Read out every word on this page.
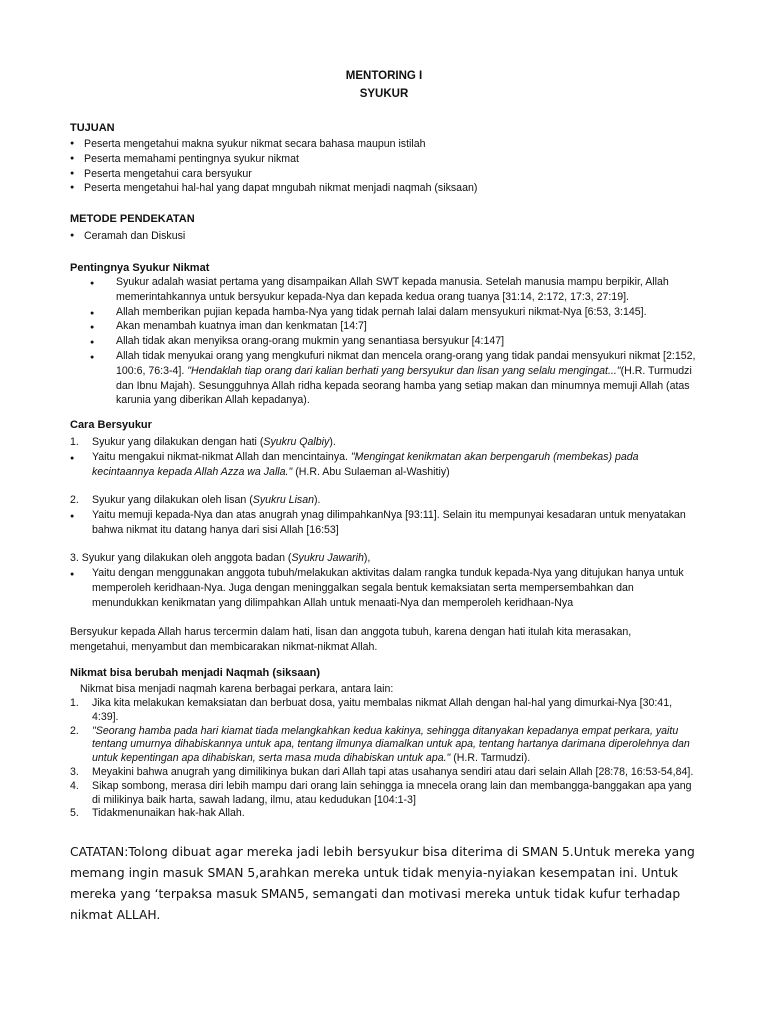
MENTORING I
SYUKUR
TUJUAN
● Peserta mengetahui makna syukur nikmat secara bahasa maupun istilah
● Peserta memahami pentingnya syukur nikmat
● Peserta mengetahui cara bersyukur
● Peserta mengetahui hal-hal yang dapat mngubah nikmat menjadi naqmah (siksaan)
METODE PENDEKATAN
● Ceramah dan Diskusi
Pentingnya Syukur Nikmat
● Syukur adalah wasiat pertama yang disampaikan Allah SWT kepada manusia. Setelah manusia mampu berpikir, Allah memerintahkannya untuk bersyukur kepada-Nya dan kepada kedua orang tuanya [31:14, 2:172, 17:3, 27:19].
● Allah memberikan pujian kepada hamba-Nya yang tidak pernah lalai dalam mensyukuri nikmat-Nya [6:53, 3:145].
● Akan menambah kuatnya iman dan kenkmatan [14:7]
● Allah tidak akan menyiksa orang-orang mukmin yang senantiasa bersyukur [4:147]
● Allah tidak menyukai orang yang mengkufuri nikmat dan mencela orang-orang yang tidak pandai mensyukuri nikmat [2:152, 100:6, 76:3-4]. "Hendaklah tiap orang dari kalian berhati yang bersyukur dan lisan yang selalu mengingat..."(H.R. Turmudzi dan Ibnu Majah). Sesungguhnya Allah ridha kepada seorang hamba yang setiap makan dan minumnya memuji Allah (atas karunia yang diberikan Allah kepadanya).
Cara Bersyukur
1.	Syukur yang dilakukan dengan hati (Syukru Qalbiy).
●	Yaitu mengakui nikmat-nikmat Allah dan mencintainya. "Mengingat kenikmatan akan berpengaruh (membekas) pada kecintaannya kepada Allah Azza wa Jalla." (H.R. Abu Sulaeman al-Washitiy)
2.	Syukur yang dilakukan oleh lisan (Syukru Lisan).
●	Yaitu memuji kepada-Nya dan atas anugrah ynag dilimpahkanNya [93:11]. Selain itu mempunyai kesadaran untuk menyatakan bahwa nikmat itu datang hanya dari sisi Allah [16:53]
3. Syukur yang dilakukan oleh anggota badan (Syukru Jawarih),
●	Yaitu dengan menggunakan anggota tubuh/melakukan aktivitas dalam rangka tunduk kepada-Nya yang ditujukan hanya untuk memperoleh keridhaan-Nya. Juga dengan meninggalkan segala bentuk kemaksiatan serta mempersembahkan dan menundukkan kenikmatan yang dilimpahkan Allah untuk menaati-Nya dan memperoleh keridhaan-Nya
Bersyukur kepada Allah harus tercermin dalam hati, lisan dan anggota tubuh, karena dengan hati itulah kita merasakan, mengetahui, menyambut dan membicarakan nikmat-nikmat Allah.
Nikmat bisa berubah menjadi Naqmah (siksaan)
Nikmat bisa menjadi naqmah karena berbagai perkara, antara lain:
1. Jika kita melakukan kemaksiatan dan berbuat dosa, yaitu membalas nikmat Allah dengan hal-hal yang dimurkai-Nya [30:41, 4:39].
2. "Seorang hamba pada hari kiamat tiada melangkahkan kedua kakinya, sehingga ditanyakan kepadanya empat perkara, yaitu tentang umurnya dihabiskannya untuk apa, tentang ilmunya diamalkan untuk apa, tentang hartanya darimana diperolehnya dan untuk kepentingan apa dihabiskan, serta masa muda dihabiskan untuk apa." (H.R. Tarmudzi).
3. Meyakini bahwa anugrah yang dimilikinya bukan dari Allah tapi atas usahanya sendiri atau dari selain Allah [28:78, 16:53-54,84].
4. Sikap sombong, merasa diri lebih mampu dari orang lain sehingga ia mnecela orang lain dan membangga-banggakan apa yang di milikinya baik harta, sawah ladang, ilmu, atau kedudukan [104:1-3]
5. Tidakmenunaikan hak-hak Allah.
CATATAN:Tolong dibuat agar mereka jadi lebih bersyukur bisa diterima di SMAN 5.Untuk mereka yang memang ingin masuk SMAN 5,arahkan mereka untuk tidak menyia-nyiakan kesempatan ini. Untuk mereka yang ‘terpaksa masuk SMAN5, semangati dan motivasi mereka untuk tidak kufur terhadap nikmat ALLAH.
